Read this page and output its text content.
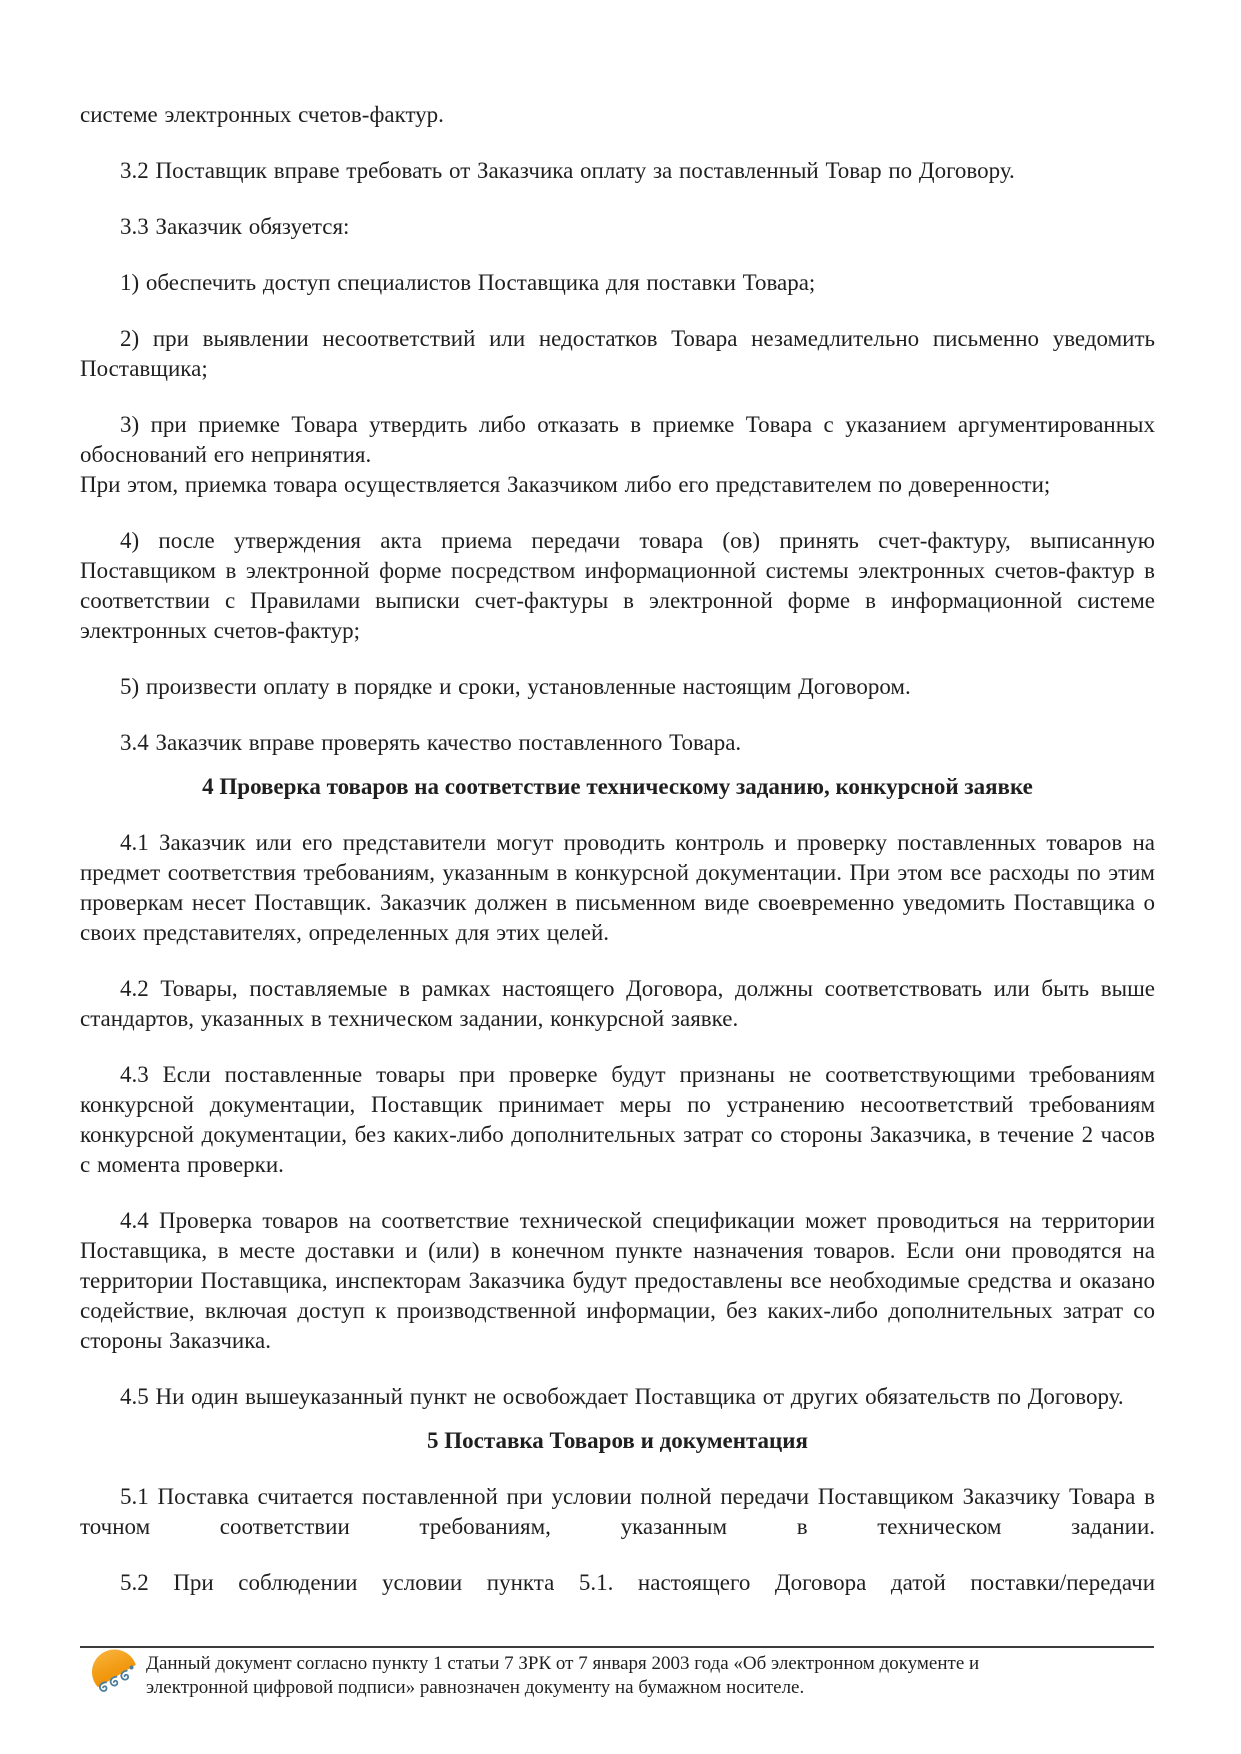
системе электронных счетов-фактур.
3.2 Поставщик вправе требовать от Заказчика оплату за поставленный Товар по Договору.
3.3 Заказчик обязуется:
1) обеспечить доступ специалистов Поставщика для поставки Товара;
2) при выявлении несоответствий или недостатков Товара незамедлительно письменно уведомить Поставщика;
3) при приемке Товара утвердить либо отказать в приемке Товара с указанием аргументированных обоснований его непринятия.
При этом, приемка товара осуществляется Заказчиком либо его представителем по доверенности;
4) после утверждения акта приема передачи товара (ов) принять счет-фактуру, выписанную Поставщиком в электронной форме посредством информационной системы электронных счетов-фактур в соответствии с Правилами выписки счет-фактуры в электронной форме в информационной системе электронных счетов-фактур;
5) произвести оплату в порядке и сроки, установленные настоящим Договором.
3.4 Заказчик вправе проверять качество поставленного Товара.
4 Проверка товаров на соответствие техническому заданию, конкурсной заявке
4.1 Заказчик или его представители могут проводить контроль и проверку поставленных товаров на предмет соответствия требованиям, указанным в конкурсной документации. При этом все расходы по этим проверкам несет Поставщик. Заказчик должен в письменном виде своевременно уведомить Поставщика о своих представителях, определенных для этих целей.
4.2 Товары, поставляемые в рамках настоящего Договора, должны соответствовать или быть выше стандартов, указанных в техническом задании, конкурсной заявке.
4.3 Если поставленные товары при проверке будут признаны не соответствующими требованиям конкурсной документации, Поставщик принимает меры по устранению несоответствий требованиям конкурсной документации, без каких-либо дополнительных затрат со стороны Заказчика, в течение 2 часов с момента проверки.
4.4 Проверка товаров на соответствие технической спецификации может проводиться на территории Поставщика, в месте доставки и (или) в конечном пункте назначения товаров. Если они проводятся на территории Поставщика, инспекторам Заказчика будут предоставлены все необходимые средства и оказано содействие, включая доступ к производственной информации, без каких-либо дополнительных затрат со стороны Заказчика.
4.5 Ни один вышеуказанный пункт не освобождает Поставщика от других обязательств по Договору.
5 Поставка Товаров и документация
5.1 Поставка считается поставленной при условии полной передачи Поставщиком Заказчику Товара в точном соответствии требованиям, указанным в техническом задании.
5.2 При соблюдении условии пункта 5.1. настоящего Договора датой поставки/передачи
Данный документ согласно пункту 1 статьи 7 ЗРК от 7 января 2003 года «Об электронном документе и
электронной цифровой подписи» равнозначен документу на бумажном носителе.
